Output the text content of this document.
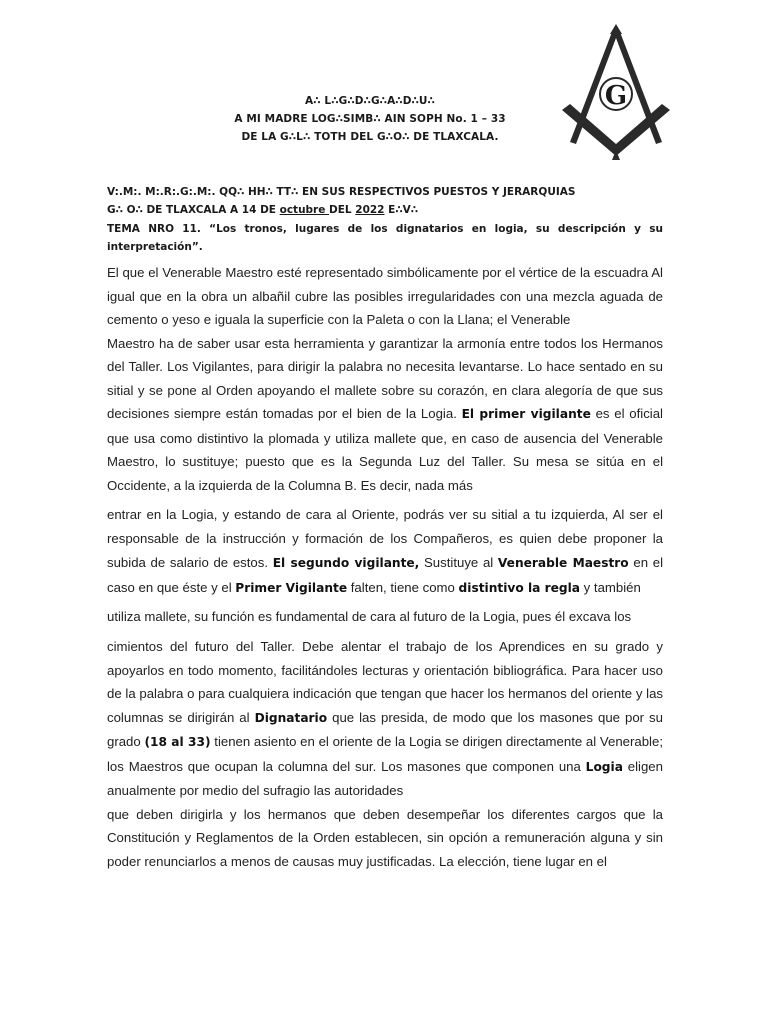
G
A∴ L∴G∴D∴G∴A∴D∴U∴
A MI MADRE LOG∴SIMB∴ AIN SOPH No. 1 – 33
DE LA G∴L∴ TOTH DEL G∴O∴ DE TLAXCALA.
V:.M:. M:.R:.G:.M:. QQ∴ HH∴ TT∴ EN SUS RESPECTIVOS PUESTOS Y JERARQUIAS
G∴ O∴ DE TLAXCALA A 14 DE octubre DEL 2022 E∴V∴
TEMA NRO 11. “Los tronos, lugares de los dignatarios en logia, su descripción y su interpretación”.

El que el Venerable Maestro esté representado simbólicamente por el vértice de la escuadra Al igual que en la obra un albañil cubre las posibles irregularidades con una mezcla aguada de cemento o yeso e iguala la superficie con la Paleta o con la Llana; el Venerable

Maestro ha de saber usar esta herramienta y garantizar la armonía entre todos los Hermanos del Taller. Los Vigilantes, para dirigir la palabra no necesita levantarse. Lo hace sentado en su sitial y se pone al Orden apoyando el mallete sobre su corazón, en clara alegoría de que sus decisiones siempre están tomadas por el bien de la Logia. El primer vigilante es el oficial que usa como distintivo la plomada y utiliza mallete que, en caso de ausencia del Venerable Maestro, lo sustituye; puesto que es la Segunda Luz del Taller. Su mesa se sitúa en el Occidente, a la izquierda de la Columna B. Es decir, nada más

entrar en la Logia, y estando de cara al Oriente, podrás ver su sitial a tu izquierda, Al ser el responsable de la instrucción y formación de los Compañeros, es quien debe proponer la subida de salario de estos. El segundo vigilante, Sustituye al Venerable Maestro en el caso en que éste y el Primer Vigilante falten, tiene como distintivo la regla y también

utiliza mallete, su función es fundamental de cara al futuro de la Logia, pues él excava los

cimientos del futuro del Taller. Debe alentar el trabajo de los Aprendices en su grado y apoyarlos en todo momento, facilitándoles lecturas y orientación bibliográfica. Para hacer uso de la palabra o para cualquiera indicación que tengan que hacer los hermanos del oriente y las columnas se dirigirán al Dignatario que las presida, de modo que los masones que por su grado (18 al 33) tienen asiento en el oriente de la Logia se dirigen directamente al Venerable; los Maestros que ocupan la columna del sur. Los masones que componen una Logia eligen anualmente por medio del sufragio las autoridades

que deben dirigirla y los hermanos que deben desempeñar los diferentes cargos que la Constitución y Reglamentos de la Orden establecen, sin opción a remuneración alguna y sin poder renunciarlos a menos de causas muy justificadas. La elección, tiene lugar en el
